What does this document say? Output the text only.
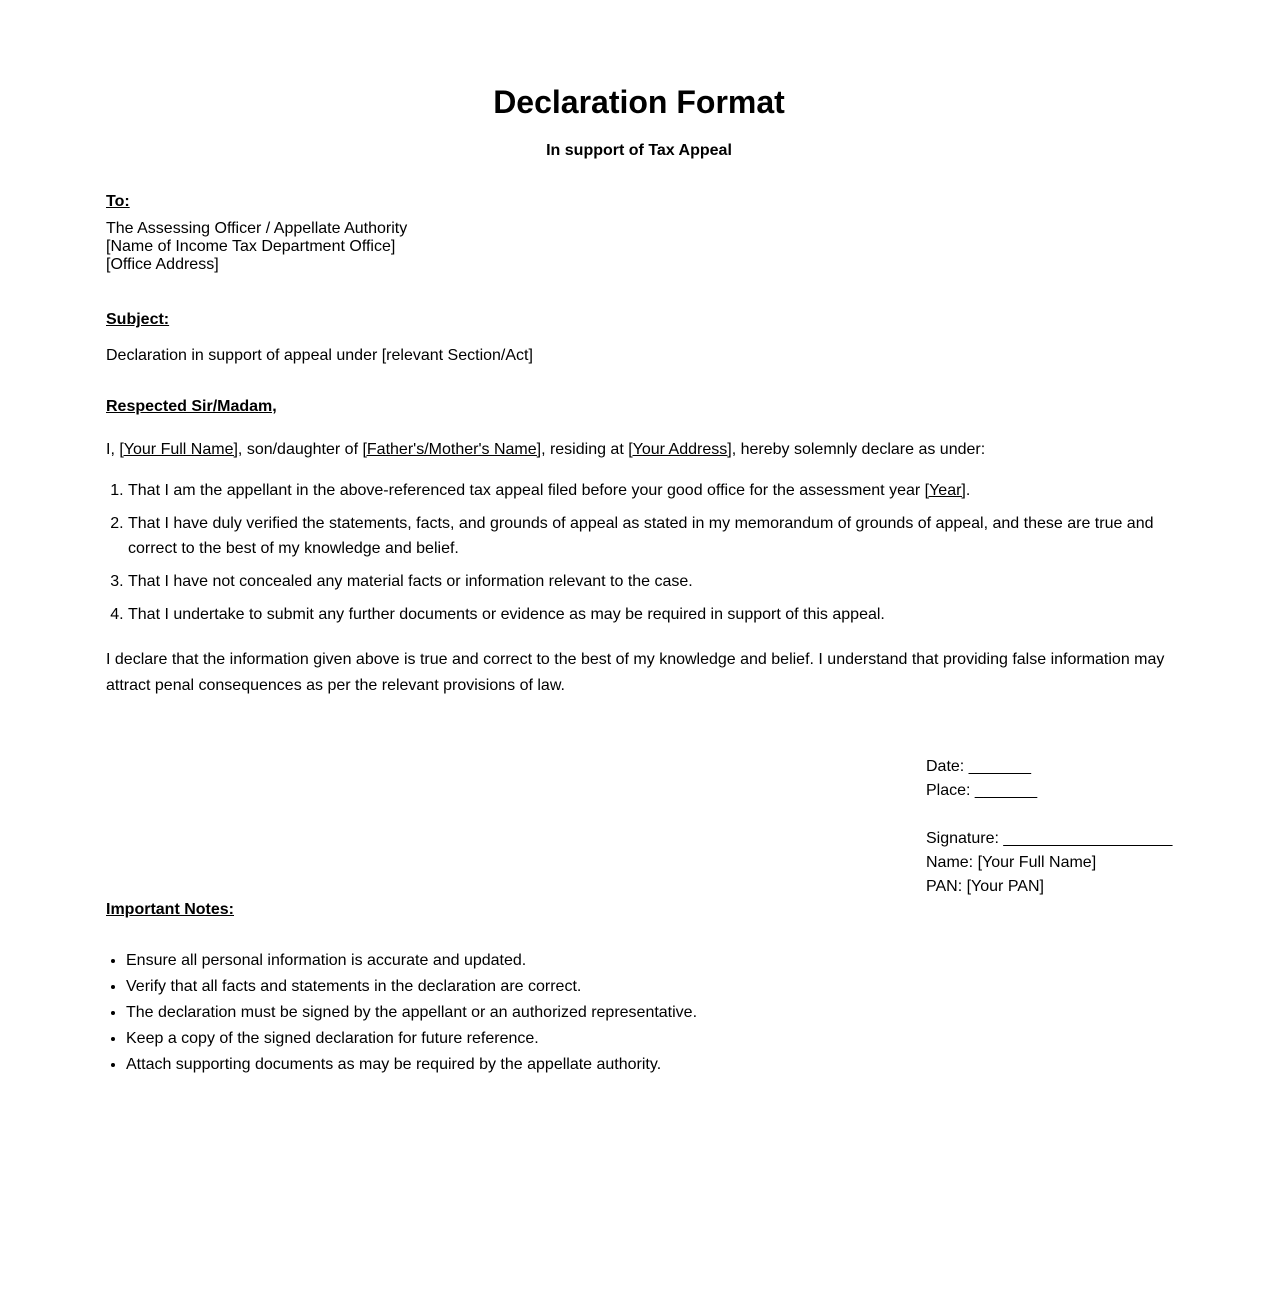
Declaration Format
In support of Tax Appeal
To:
The Assessing Officer / Appellate Authority
[Name of Income Tax Department Office]
[Office Address]
Subject:
Declaration in support of appeal under [relevant Section/Act]
Respected Sir/Madam,
I, [Your Full Name], son/daughter of [Father's/Mother's Name], residing at [Your Address], hereby solemnly declare as under:
1. That I am the appellant in the above-referenced tax appeal filed before your good office for the assessment year [Year].
2. That I have duly verified the statements, facts, and grounds of appeal as stated in my memorandum of grounds of appeal, and these are true and correct to the best of my knowledge and belief.
3. That I have not concealed any material facts or information relevant to the case.
4. That I undertake to submit any further documents or evidence as may be required in support of this appeal.
I declare that the information given above is true and correct to the best of my knowledge and belief. I understand that providing false information may attract penal consequences as per the relevant provisions of law.
Date: _______
Place: _______
Signature: ___________________
Name: [Your Full Name]
PAN: [Your PAN]
Important Notes:
• Ensure all personal information is accurate and updated.
• Verify that all facts and statements in the declaration are correct.
• The declaration must be signed by the appellant or an authorized representative.
• Keep a copy of the signed declaration for future reference.
• Attach supporting documents as may be required by the appellate authority.
